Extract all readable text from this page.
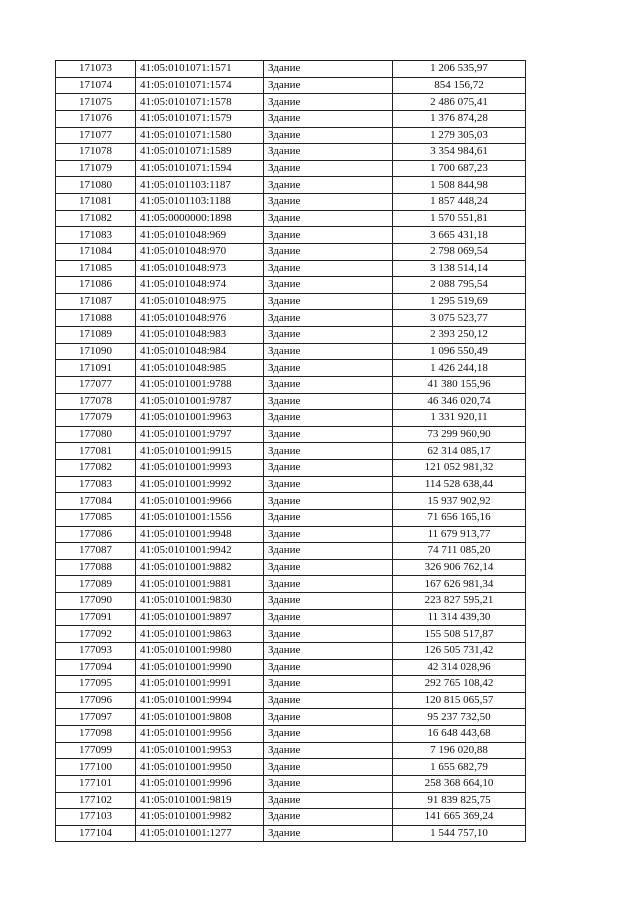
171073	41:05:0101071:1571	Здание	1 206 535,97
171074	41:05:0101071:1574	Здание	854 156,72
171075	41:05:0101071:1578	Здание	2 486 075,41
171076	41:05:0101071:1579	Здание	1 376 874,28
171077	41:05:0101071:1580	Здание	1 279 305,03
171078	41:05:0101071:1589	Здание	3 354 984,61
171079	41:05:0101071:1594	Здание	1 700 687,23
171080	41:05:0101103:1187	Здание	1 508 844,98
171081	41:05:0101103:1188	Здание	1 857 448,24
171082	41:05:0000000:1898	Здание	1 570 551,81
171083	41:05:0101048:969	Здание	3 665 431,18
171084	41:05:0101048:970	Здание	2 798 069,54
171085	41:05:0101048:973	Здание	3 138 514,14
171086	41:05:0101048:974	Здание	2 088 795,54
171087	41:05:0101048:975	Здание	1 295 519,69
171088	41:05:0101048:976	Здание	3 075 523,77
171089	41:05:0101048:983	Здание	2 393 250,12
171090	41:05:0101048:984	Здание	1 096 550,49
171091	41:05:0101048:985	Здание	1 426 244,18
177077	41:05:0101001:9788	Здание	41 380 155,96
177078	41:05:0101001:9787	Здание	46 346 020,74
177079	41:05:0101001:9963	Здание	1 331 920,11
177080	41:05:0101001:9797	Здание	73 299 960,90
177081	41:05:0101001:9915	Здание	62 314 085,17
177082	41:05:0101001:9993	Здание	121 052 981,32
177083	41:05:0101001:9992	Здание	114 528 638,44
177084	41:05:0101001:9966	Здание	15 937 902,92
177085	41:05:0101001:1556	Здание	71 656 165,16
177086	41:05:0101001:9948	Здание	11 679 913,77
177087	41:05:0101001:9942	Здание	74 711 085,20
177088	41:05:0101001:9882	Здание	326 906 762,14
177089	41:05:0101001:9881	Здание	167 626 981,34
177090	41:05:0101001:9830	Здание	223 827 595,21
177091	41:05:0101001:9897	Здание	11 314 439,30
177092	41:05:0101001:9863	Здание	155 508 517,87
177093	41:05:0101001:9980	Здание	126 505 731,42
177094	41:05:0101001:9990	Здание	42 314 028,96
177095	41:05:0101001:9991	Здание	292 765 108,42
177096	41:05:0101001:9994	Здание	120 815 065,57
177097	41:05:0101001:9808	Здание	95 237 732,50
177098	41:05:0101001:9956	Здание	16 648 443,68
177099	41:05:0101001:9953	Здание	7 196 020,88
177100	41:05:0101001:9950	Здание	1 655 682,79
177101	41:05:0101001:9996	Здание	258 368 664,10
177102	41:05:0101001:9819	Здание	91 839 825,75
177103	41:05:0101001:9982	Здание	141 665 369,24
177104	41:05:0101001:1277	Здание	1 544 757,10
